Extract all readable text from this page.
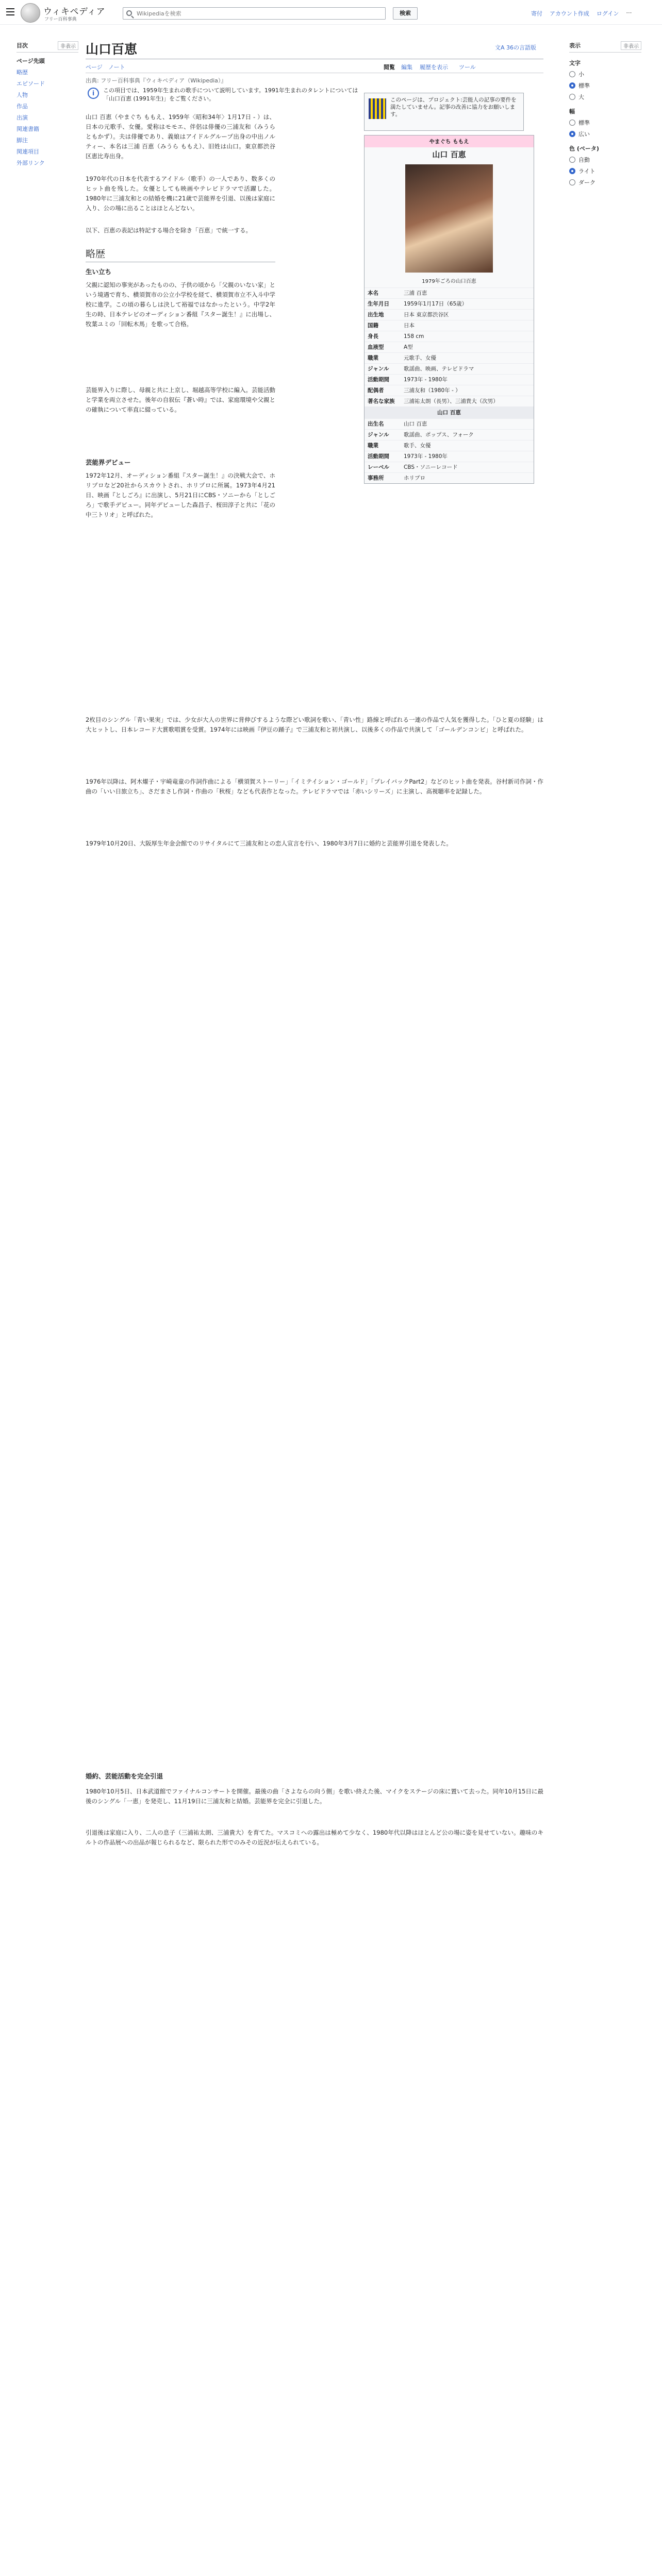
ウィキペディア
フリー百科事典
Wikipediaを検索
検索	寄付 アカウント作成 ログイン ⋯
目次	非表示
ページ先頭
略歴
エピソード
人物
作品
出演
関連書籍
脚注
関連項目
外部リンク
山口百恵	文A 36の言語版
ページ ノート	閲覧 編集 履歴を表示 ツール
出典: フリー百科事典『ウィキペディア（Wikipedia）』
i	この項目では、1959年生まれの歌手について説明しています。1991年生まれのタレントについては「山口百恵 (1991年生)」をご覧ください。

山口 百恵（やまぐち ももえ、1959年〈昭和34年〉1月17日 - ）は、日本の元歌手、女優。愛称はモモエ、伴侶は俳優の三浦友和（みうら ともかず）。夫は俳優であり、義娘はアイドルグループ出身の中出ノルティー、本名は三浦 百恵（みうら ももえ）、旧姓は山口。東京都渋谷区恵比寿出身。

1970年代の日本を代表するアイドル（歌手）の一人であり、数多くのヒット曲を残した。女優としても映画やテレビドラマで活躍した。1980年に三浦友和との結婚を機に21歳で芸能界を引退、以後は家庭に入り、公の場に出ることはほとんどない。

以下、百恵の表記は特記する場合を除き「百恵」で統一する。

略歴
生い立ち

父親に認知の事実があったものの、子供の頃から「父親のいない家」という境遇で育ち、横須賀市の公立小学校を経て、横須賀市立不入斗中学校に進学。この頃の暮らしは決して裕福ではなかったという。中学2年生の時、日本テレビのオーディション番組『スター誕生！』に出場し、牧葉ユミの「回転木馬」を歌って合格。

芸能界入りに際し、母親と共に上京し、堀越高等学校に編入。芸能活動と学業を両立させた。後年の自叙伝『蒼い時』では、家庭環境や父親との確執について率直に綴っている。

芸能界デビュー

1972年12月、オーディション番組『スター誕生！』の決戦大会で、ホリプロなど20社からスカウトされ、ホリプロに所属。1973年4月21日、映画『としごろ』に出演し、5月21日にCBS・ソニーから「としごろ」で歌手デビュー。同年デビューした森昌子、桜田淳子と共に「花の中三トリオ」と呼ばれた。

2枚目のシングル「青い果実」では、少女が大人の世界に背伸びするような際どい歌詞を歌い、「青い性」路線と呼ばれる一連の作品で人気を獲得した。「ひと夏の経験」は大ヒットし、日本レコード大賞歌唱賞を受賞。1974年には映画『伊豆の踊子』で三浦友和と初共演し、以後多くの作品で共演して「ゴールデンコンビ」と呼ばれた。

1976年以降は、阿木燿子・宇崎竜童の作詞作曲による「横須賀ストーリー」「イミテイション・ゴールド」「プレイバックPart2」などのヒット曲を発表。谷村新司作詞・作曲の「いい日旅立ち」、さだまさし作詞・作曲の「秋桜」なども代表作となった。テレビドラマでは「赤いシリーズ」に主演し、高視聴率を記録した。

1979年10月20日、大阪厚生年金会館でのリサイタルにて三浦友和との恋人宣言を行い、1980年3月7日に婚約と芸能界引退を発表した。

婚約、芸能活動を完全引退

1980年10月5日、日本武道館でファイナルコンサートを開催。最後の曲「さよならの向う側」を歌い終えた後、マイクをステージの床に置いて去った。同年10月15日に最後のシングル「一恵」を発売し、11月19日に三浦友和と結婚。芸能界を完全に引退した。

引退後は家庭に入り、二人の息子（三浦祐太朗、三浦貴大）を育てた。マスコミへの露出は極めて少なく、1980年代以降はほとんど公の場に姿を見せていない。趣味のキルトの作品展への出品が報じられるなど、限られた形でのみその近況が伝えられている。

このページは、プロジェクト:芸能人の記事の要件を満たしていません。記事の改善に協力をお願いします。
やまぐち ももえ
山口 百恵
1979年ごろの山口百恵
本名	三浦 百恵
生年月日	1959年1月17日（65歳）
出生地	日本 東京都渋谷区
国籍	日本
身長	158 cm
血液型	A型
職業	元歌手、女優
ジャンル	歌謡曲、映画、テレビドラマ
活動期間	1973年 - 1980年
配偶者	三浦友和（1980年 - ）
著名な家族	三浦祐太朗（長男）、三浦貴大（次男）
山口 百恵
出生名	山口 百恵
ジャンル	歌謡曲、ポップス、フォーク
職業	歌手、女優
活動期間	1973年 - 1980年
レーベル	CBS・ソニーレコード
事務所	ホリプロ
表示	非表示
文字
小
標準
大
幅
標準
広い
色 (ベータ)
自動
ライト
ダーク
